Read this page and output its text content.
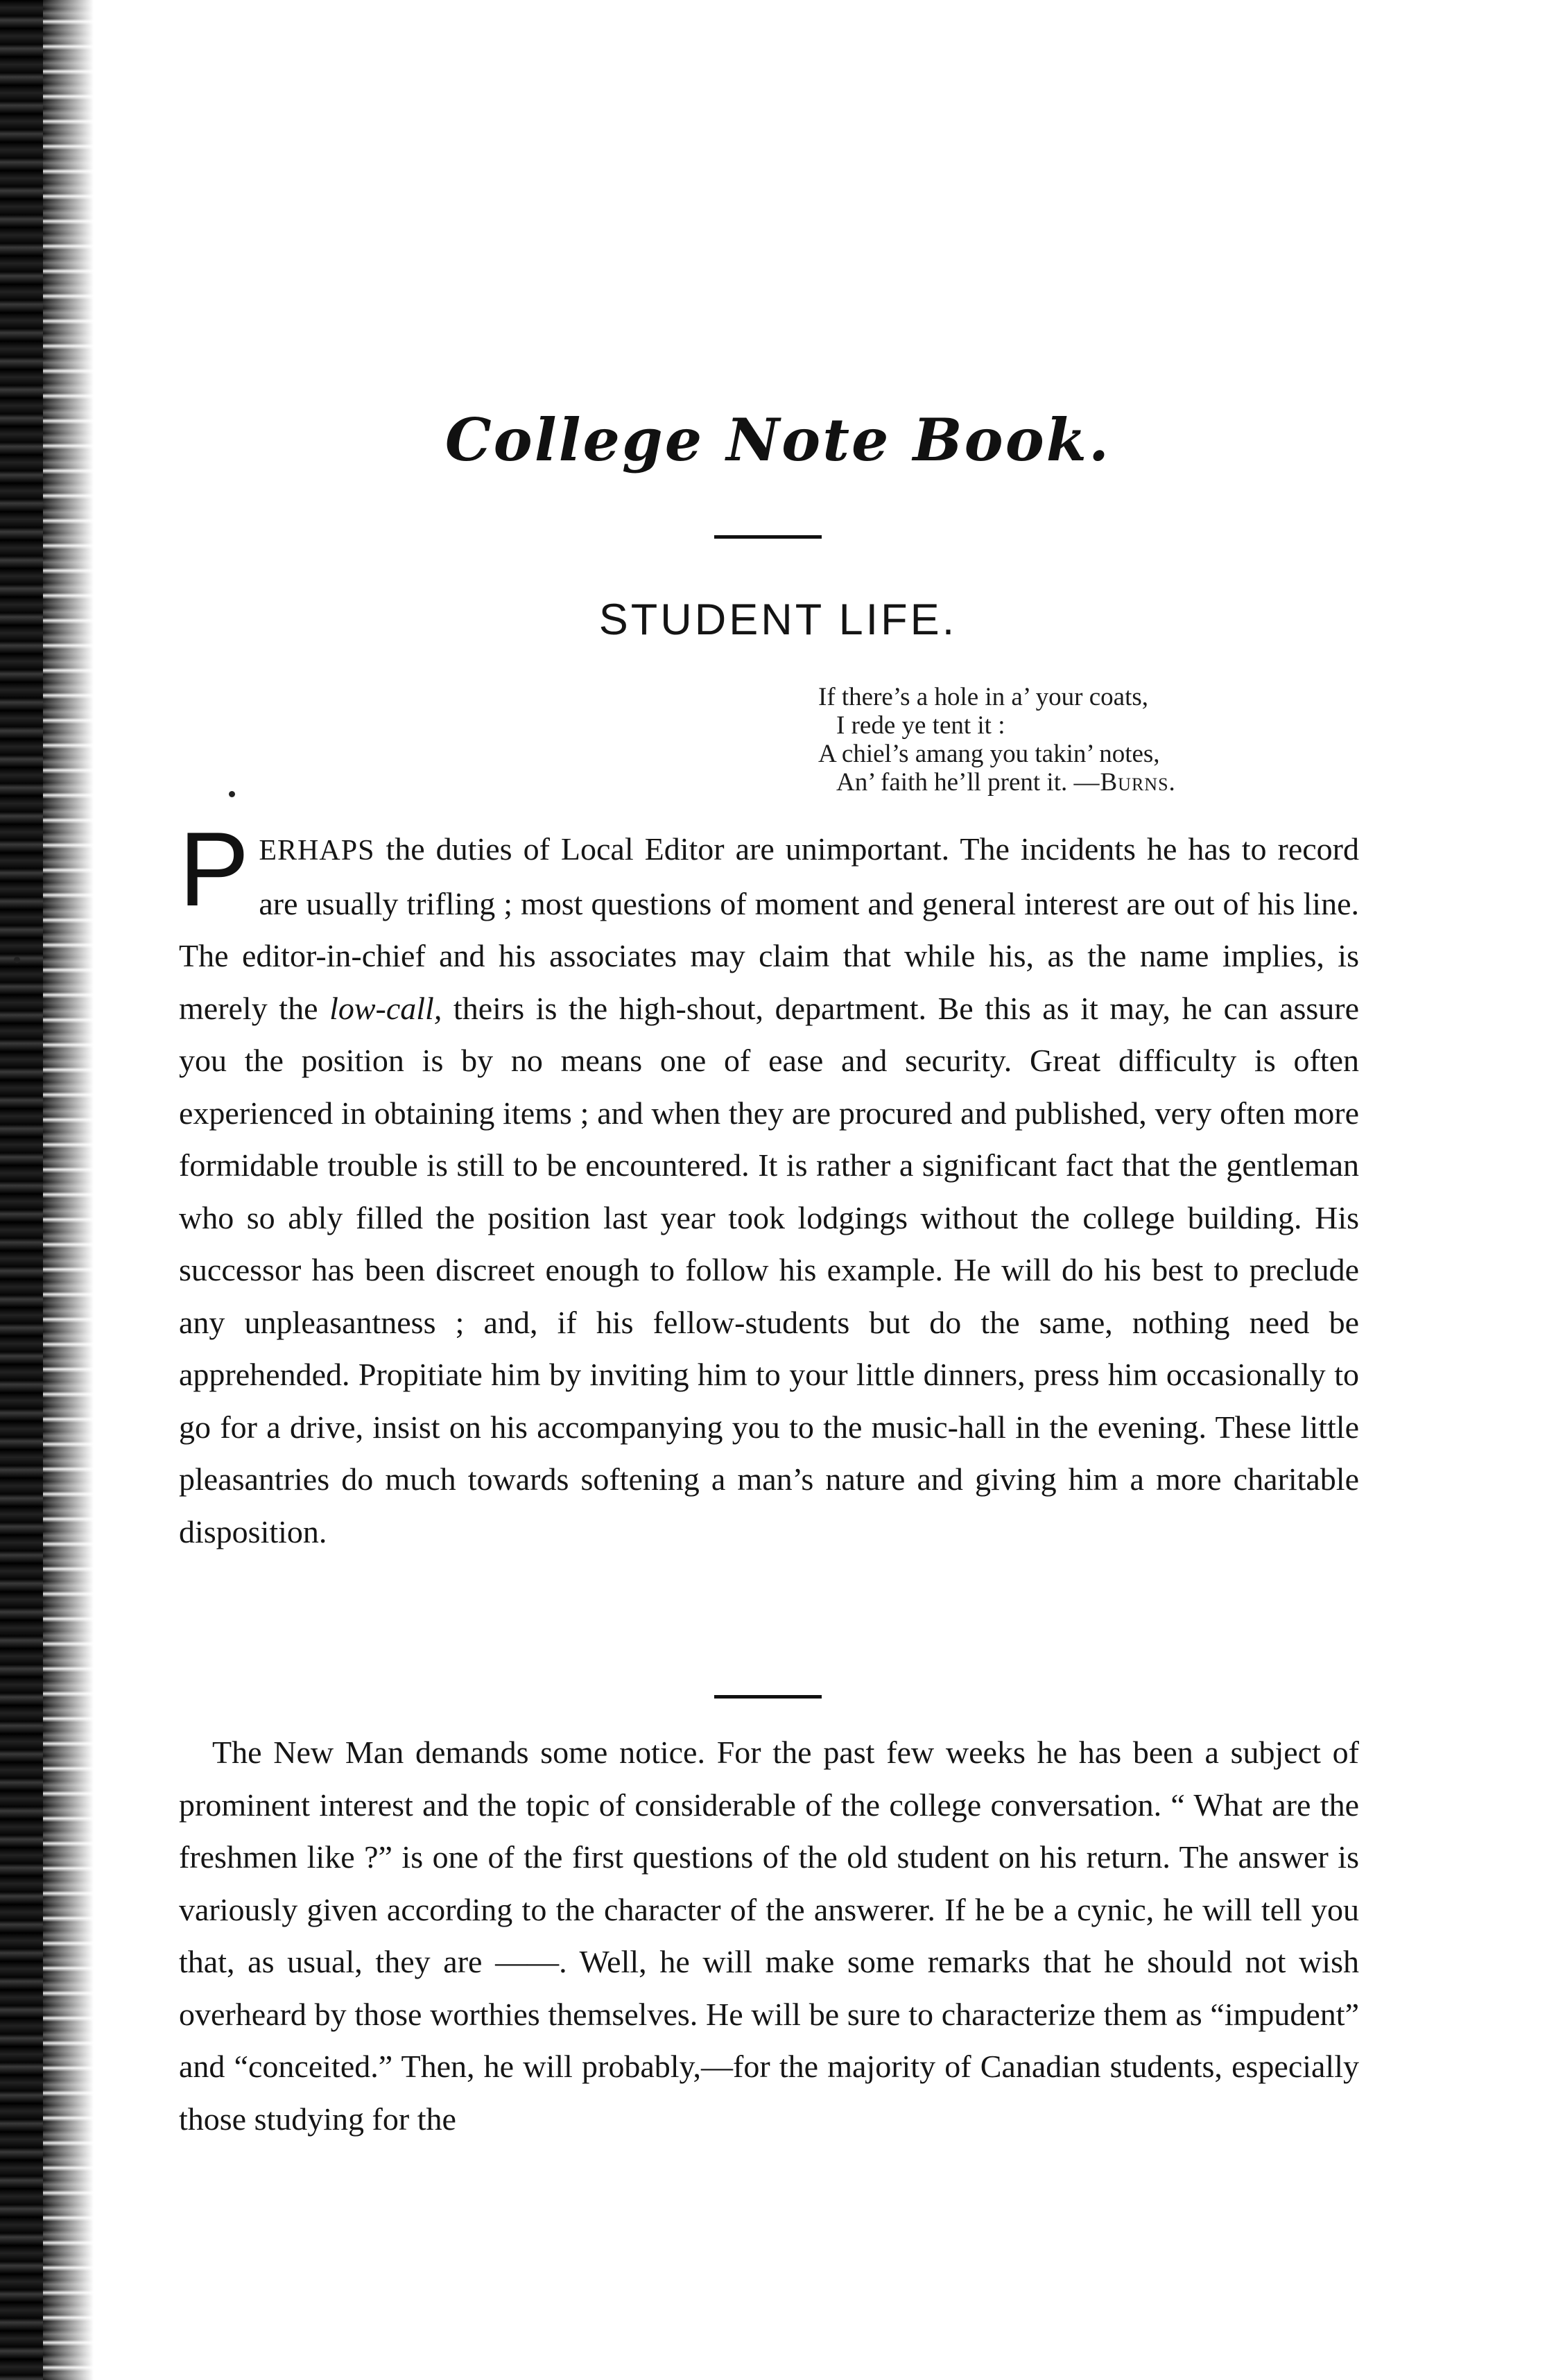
College Note Book.
STUDENT LIFE.
If there’s a hole in a’ your coats,
I rede ye tent it :
A chiel’s amang you takin’ notes,
An’ faith he’ll prent it. —Burns.

PERHAPS the duties of Local Editor are unimportant. The incidents he has to record are usually trifling ; most questions of moment and general interest are out of his line. The editor-in-chief and his associates may claim that while his, as the name implies, is merely the low-call, theirs is the high-shout, department. Be this as it may, he can assure you the position is by no means one of ease and security. Great difficulty is often experienced in obtaining items ; and when they are procured and published, very often more formidable trouble is still to be encountered. It is rather a significant fact that the gentleman who so ably filled the position last year took lodgings without the college building. His successor has been discreet enough to follow his example. He will do his best to preclude any unpleasantness ; and, if his fellow-students but do the same, nothing need be apprehended. Propitiate him by inviting him to your little dinners, press him occasionally to go for a drive, insist on his accompanying you to the music-hall in the evening. These little pleasantries do much towards softening a man’s nature and giving him a more charitable disposition.

The New Man demands some notice. For the past few weeks he has been a subject of prominent interest and the topic of considerable of the college conversation. “ What are the freshmen like ?” is one of the first questions of the old student on his return. The answer is variously given according to the character of the answerer. If he be a cynic, he will tell you that, as usual, they are ——. Well, he will make some remarks that he should not wish overheard by those worthies themselves. He will be sure to characterize them as “impudent” and “conceited.” Then, he will probably,—for the majority of Canadian students, especially those studying for the
